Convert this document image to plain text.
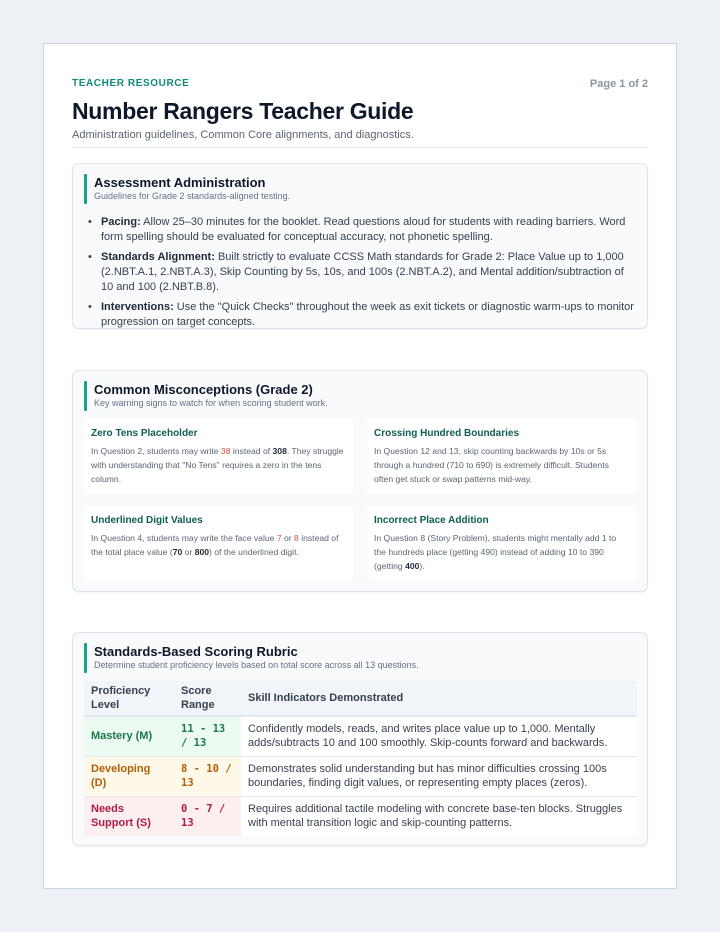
TEACHER RESOURCE	Page 1 of 2
Number Rangers Teacher Guide
Administration guidelines, Common Core alignments, and diagnostics.
Assessment Administration
Guidelines for Grade 2 standards-aligned testing.
• Pacing: Allow 25–30 minutes for the booklet. Read questions aloud for students with reading barriers. Word form spelling should be evaluated for conceptual accuracy, not phonetic spelling.
• Standards Alignment: Built strictly to evaluate CCSS Math standards for Grade 2: Place Value up to 1,000 (2.NBT.A.1, 2.NBT.A.3), Skip Counting by 5s, 10s, and 100s (2.NBT.A.2), and Mental addition/subtraction of 10 and 100 (2.NBT.B.8).
• Interventions: Use the "Quick Checks" throughout the week as exit tickets or diagnostic warm-ups to monitor progression on target concepts.
Common Misconceptions (Grade 2)
Key warning signs to watch for when scoring student work.
Zero Tens Placeholder
In Question 2, students may write 38 instead of 308. They struggle with understanding that "No Tens" requires a zero in the tens column.
Crossing Hundred Boundaries
In Question 12 and 13, skip counting backwards by 10s or 5s through a hundred (710 to 690) is extremely difficult. Students often get stuck or swap patterns mid-way.
Underlined Digit Values
In Question 4, students may write the face value 7 or 8 instead of the total place value (70 or 800) of the underlined digit.
Incorrect Place Addition
In Question 8 (Story Problem), students might mentally add 1 to the hundreds place (getting 490) instead of adding 10 to 390 (getting 400).
Standards-Based Scoring Rubric
Determine student proficiency levels based on total score across all 13 questions.
Proficiency Level	Score Range	Skill Indicators Demonstrated
Mastery (M)	11 - 13 / 13	Confidently models, reads, and writes place value up to 1,000. Mentally adds/subtracts 10 and 100 smoothly. Skip-counts forward and backwards.
Developing (D)	8 - 10 / 13	Demonstrates solid understanding but has minor difficulties crossing 100s boundaries, finding digit values, or representing empty places (zeros).
Needs Support (S)	0 - 7 / 13	Requires additional tactile modeling with concrete base-ten blocks. Struggles with mental transition logic and skip-counting patterns.
